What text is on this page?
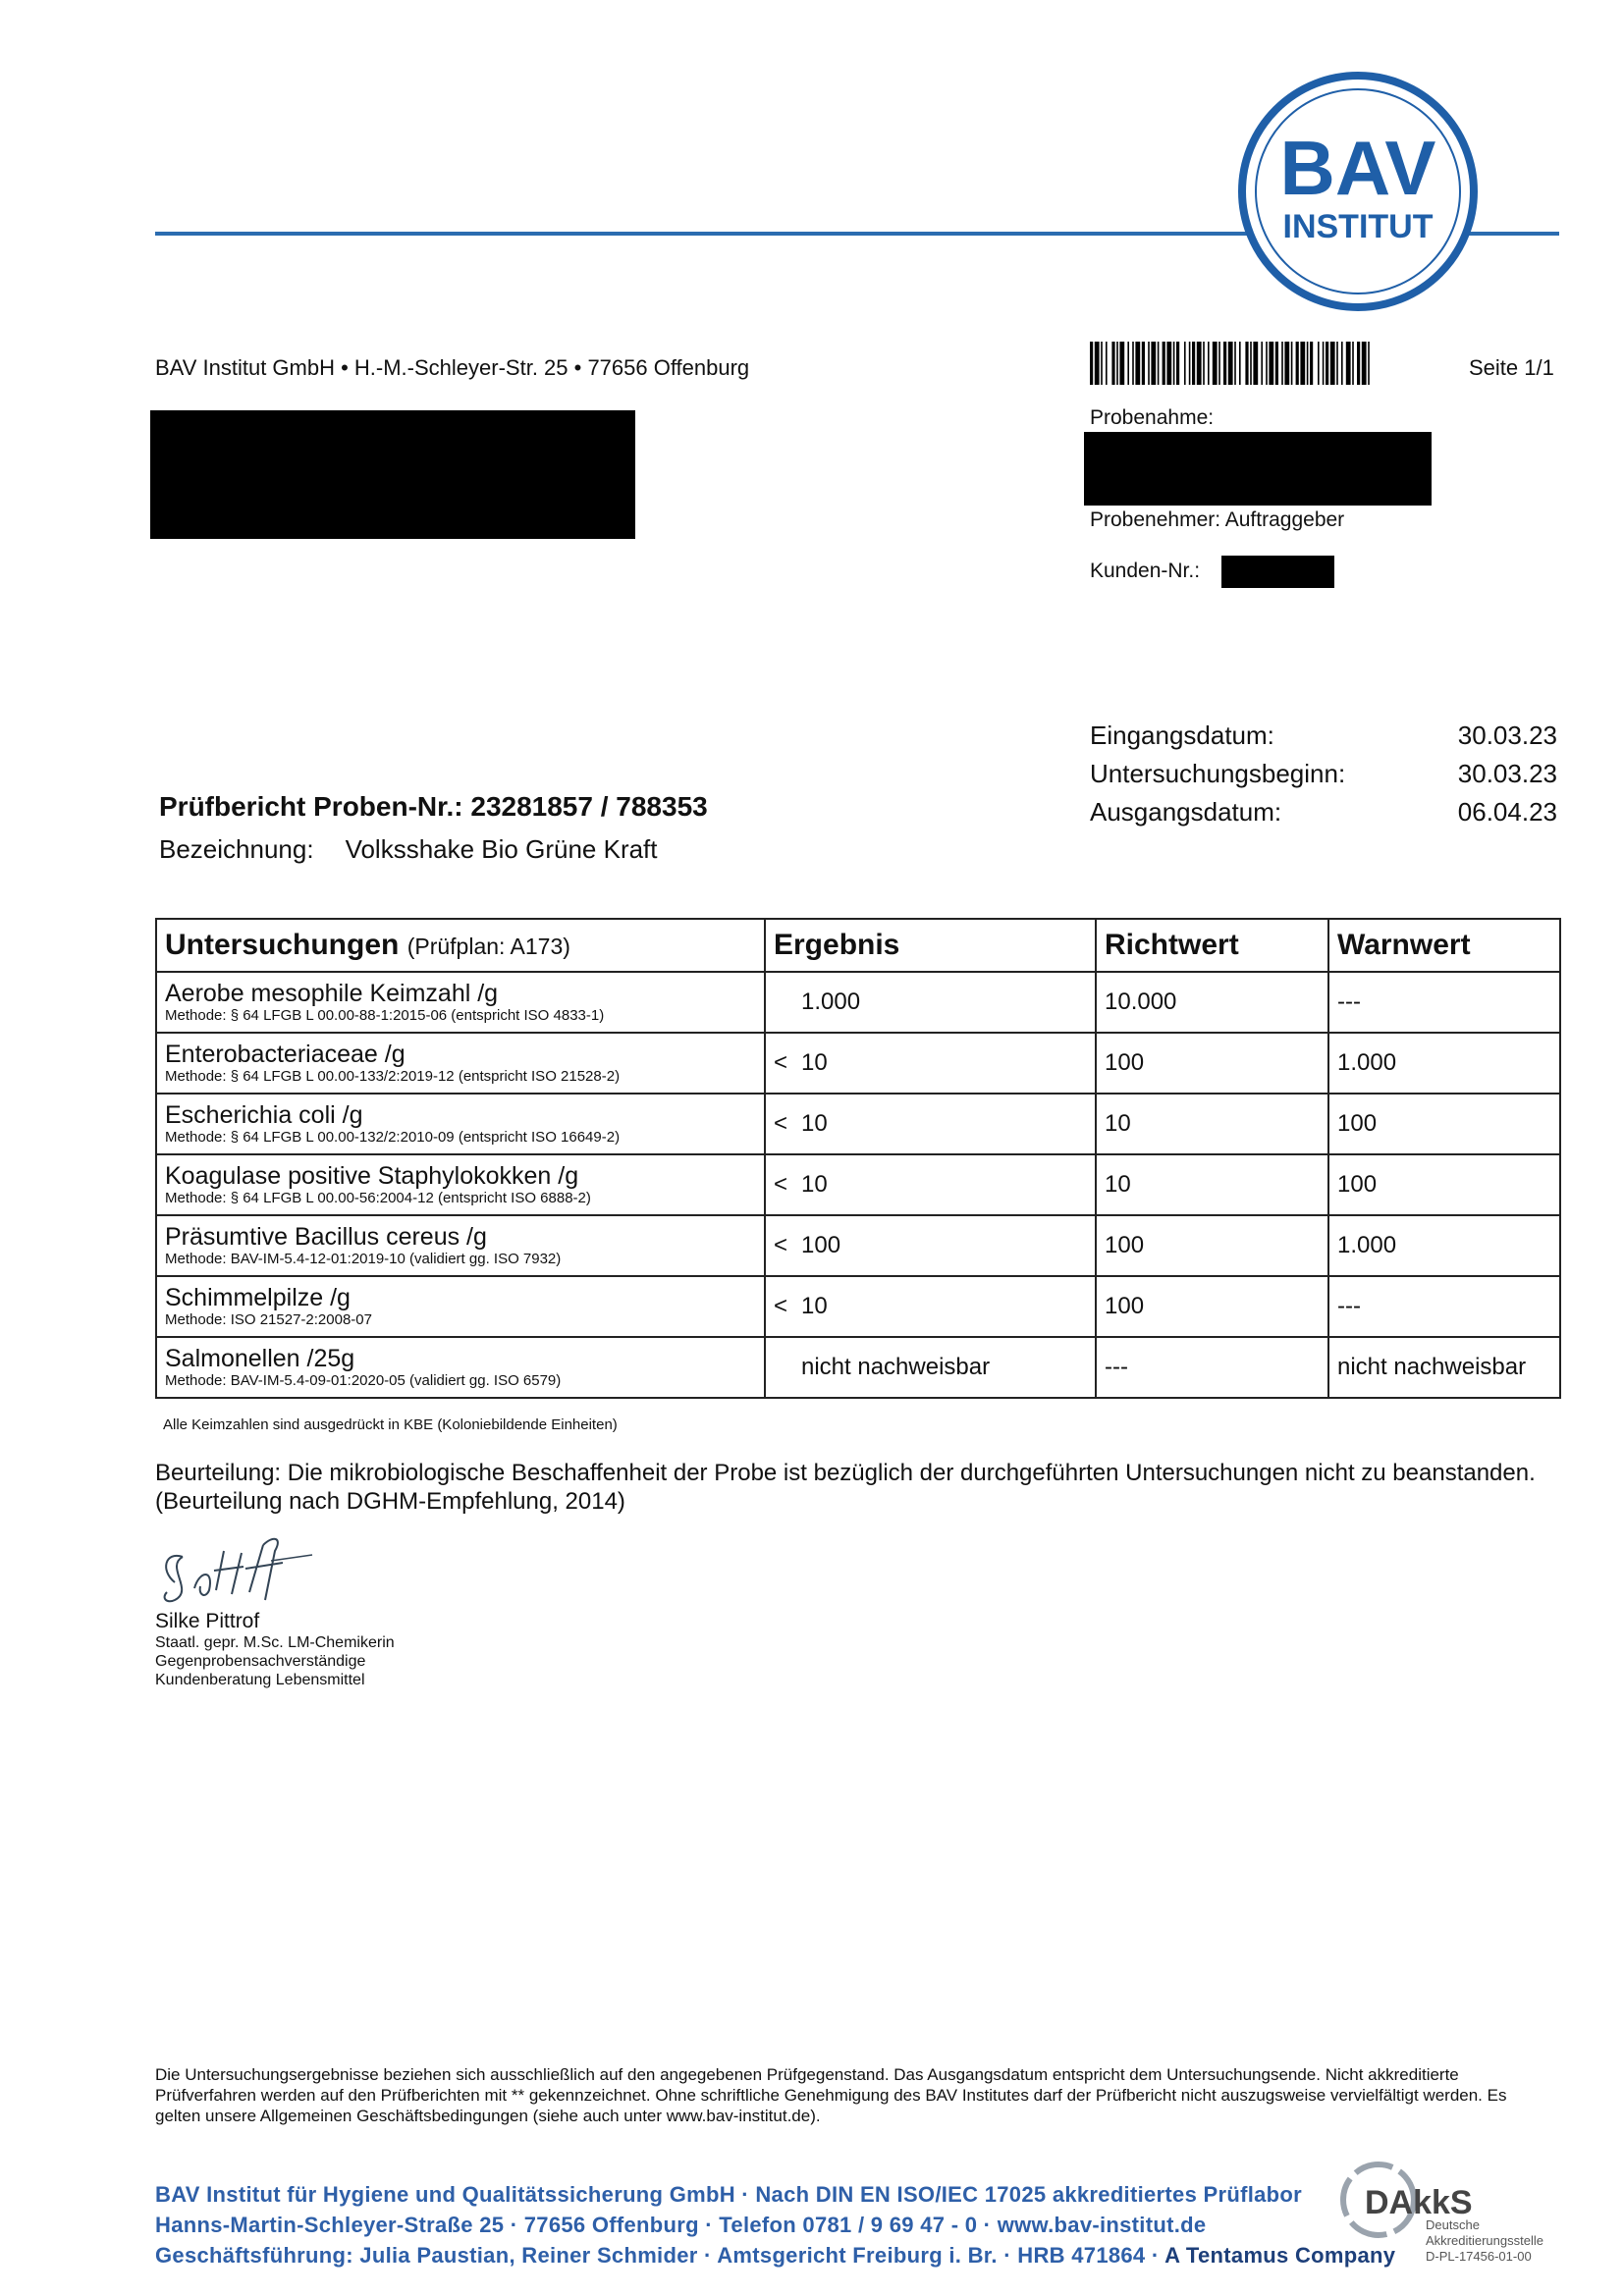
BAV
INSTITUT
BAV Institut GmbH • H.-M.-Schleyer-Str. 25 • 77656 Offenburg	Seite 1/1
Probenahme:
Probenehmer: Auftraggeber
Kunden-Nr.:
Eingangsdatum:	30.03.23
Untersuchungsbeginn:	30.03.23
Ausgangsdatum:	06.04.23
Prüfbericht Proben-Nr.: 23281857 / 788353
Bezeichnung: Volksshake Bio Grüne Kraft
Untersuchungen (Prüfplan: A173)	Ergebnis	Richtwert	Warnwert

Aerobe mesophile Keimzahl /g
Methode: § 64 LFGB L 00.00-88-1:2015-06 (entspricht ISO 4833-1)	1.000	10.000	---

Enterobacteriaceae /g
Methode: § 64 LFGB L 00.00-133/2:2019-12 (entspricht ISO 21528-2)	< 10	100	1.000

Escherichia coli /g
Methode: § 64 LFGB L 00.00-132/2:2010-09 (entspricht ISO 16649-2)	< 10	10	100

Koagulase positive Staphylokokken /g
Methode: § 64 LFGB L 00.00-56:2004-12 (entspricht ISO 6888-2)	< 10	10	100

Präsumtive Bacillus cereus /g
Methode: BAV-IM-5.4-12-01:2019-10 (validiert gg. ISO 7932)	< 100	100	1.000

Schimmelpilze /g
Methode: ISO 21527-2:2008-07	< 10	100	---

Salmonellen /25g
Methode: BAV-IM-5.4-09-01:2020-05 (validiert gg. ISO 6579)	nicht nachweisbar	---	nicht nachweisbar
Alle Keimzahlen sind ausgedrückt in KBE (Koloniebildende Einheiten)
Beurteilung: Die mikrobiologische Beschaffenheit der Probe ist bezüglich der durchgeführten Untersuchungen nicht zu beanstanden. (Beurteilung nach DGHM-Empfehlung, 2014)
Silke Pittrof
Staatl. gepr. M.Sc. LM-Chemikerin
Gegenprobensachverständige
Kundenberatung Lebensmittel
Die Untersuchungsergebnisse beziehen sich ausschließlich auf den angegebenen Prüfgegenstand. Das Ausgangsdatum entspricht dem Untersuchungsende. Nicht akkreditierte Prüfverfahren werden auf den Prüfberichten mit ** gekennzeichnet. Ohne schriftliche Genehmigung des BAV Institutes darf der Prüfbericht nicht auszugsweise vervielfältigt werden. Es gelten unsere Allgemeinen Geschäftsbedingungen (siehe auch unter www.bav-institut.de).
BAV Institut für Hygiene und Qualitätssicherung GmbH · Nach DIN EN ISO/IEC 17025 akkreditiertes Prüflabor
Hanns-Martin-Schleyer-Straße 25 · 77656 Offenburg · Telefon 0781 / 9 69 47 - 0 · www.bav-institut.de
Geschäftsführung: Julia Paustian, Reiner Schmider · Amtsgericht Freiburg i. Br. · HRB 471864 · A Tentamus Company
DAkkS
Deutsche
Akkreditierungsstelle
D-PL-17456-01-00
